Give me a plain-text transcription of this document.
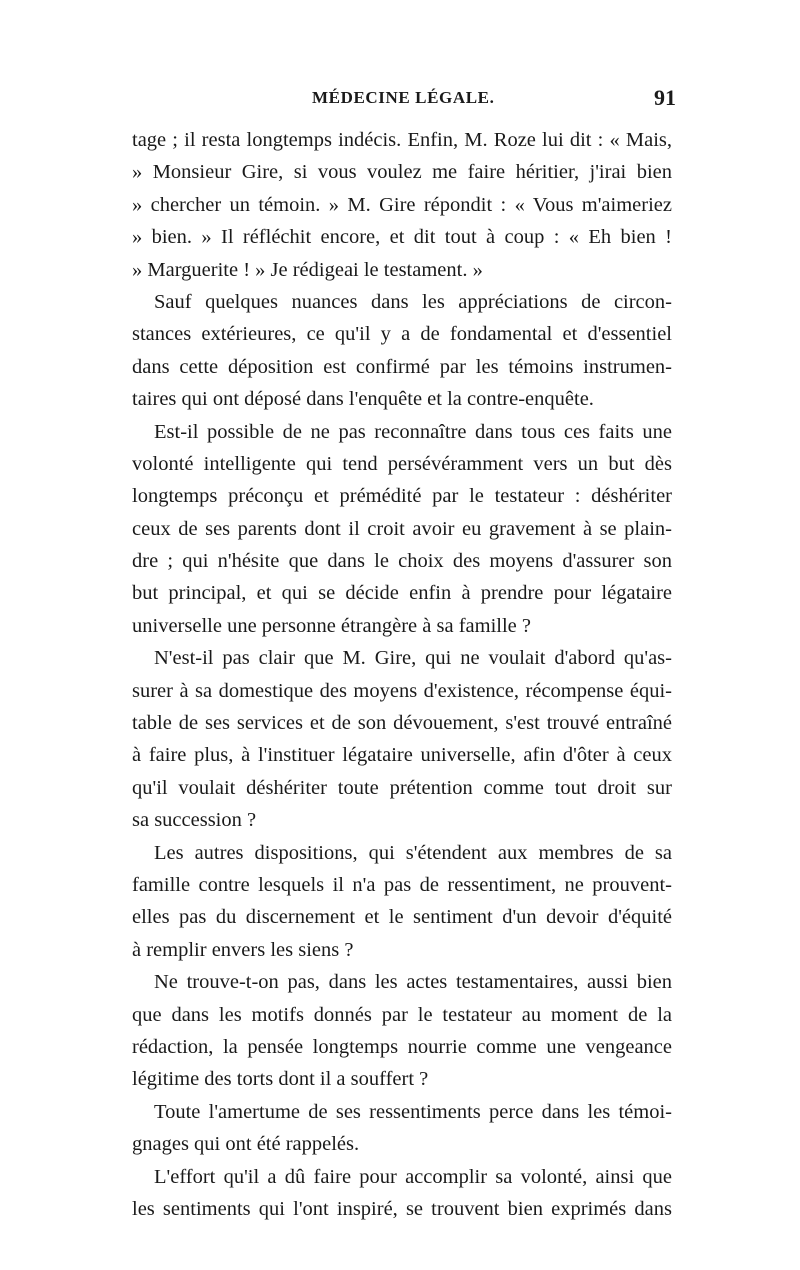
MÉDECINE LÉGALE.	91
tage ; il resta longtemps indécis. Enfin, M. Roze lui dit : « Mais,
» Monsieur Gire, si vous voulez me faire héritier, j'irai bien
» chercher un témoin. » M. Gire répondit : « Vous m'aimeriez
» bien. » Il réfléchit encore, et dit tout à coup : « Eh bien !
» Marguerite ! » Je rédigeai le testament. »
Sauf quelques nuances dans les appréciations de circon-
stances extérieures, ce qu'il y a de fondamental et d'essentiel
dans cette déposition est confirmé par les témoins instrumen-
taires qui ont déposé dans l'enquête et la contre-enquête.
Est-il possible de ne pas reconnaître dans tous ces faits une
volonté intelligente qui tend persévéramment vers un but dès
longtemps préconçu et prémédité par le testateur : déshériter
ceux de ses parents dont il croit avoir eu gravement à se plain-
dre ; qui n'hésite que dans le choix des moyens d'assurer son
but principal, et qui se décide enfin à prendre pour légataire
universelle une personne étrangère à sa famille ?
N'est-il pas clair que M. Gire, qui ne voulait d'abord qu'as-
surer à sa domestique des moyens d'existence, récompense équi-
table de ses services et de son dévouement, s'est trouvé entraîné
à faire plus, à l'instituer légataire universelle, afin d'ôter à ceux
qu'il voulait déshériter toute prétention comme tout droit sur
sa succession ?
Les autres dispositions, qui s'étendent aux membres de sa
famille contre lesquels il n'a pas de ressentiment, ne prouvent-
elles pas du discernement et le sentiment d'un devoir d'équité
à remplir envers les siens ?
Ne trouve-t-on pas, dans les actes testamentaires, aussi bien
que dans les motifs donnés par le testateur au moment de la
rédaction, la pensée longtemps nourrie comme une vengeance
légitime des torts dont il a souffert ?
Toute l'amertume de ses ressentiments perce dans les témoi-
gnages qui ont été rappelés.
L'effort qu'il a dû faire pour accomplir sa volonté, ainsi que
les sentiments qui l'ont inspiré, se trouvent bien exprimés dans
